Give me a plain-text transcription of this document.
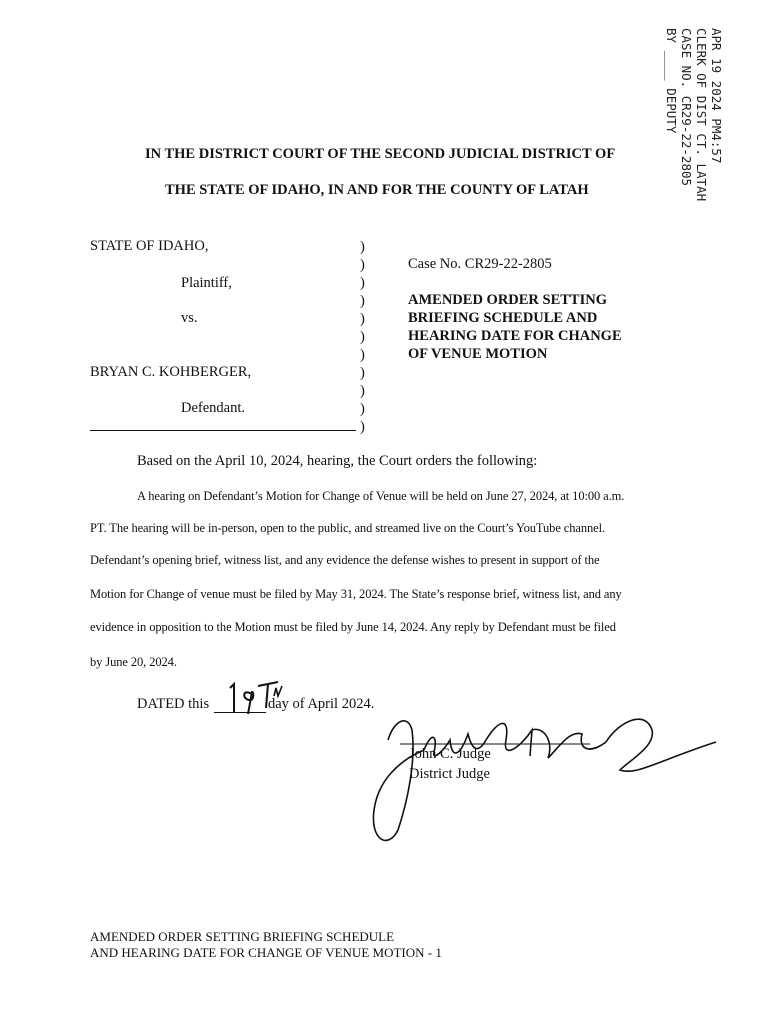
APR 19 2024 PM4:57
CLERK OF DIST CT. LATAH
CASE NO. CR29-22-2805
BY ____ DEPUTY
IN THE DISTRICT COURT OF THE SECOND JUDICIAL DISTRICT OF
THE STATE OF IDAHO, IN AND FOR THE COUNTY OF LATAH
STATE OF IDAHO,
Plaintiff,
vs.
BRYAN C. KOHBERGER,
Defendant.
)
)
)
)
)
)
)
)
)
)
)
Case No. CR29-22-2805
AMENDED ORDER SETTING
BRIEFING SCHEDULE AND
HEARING DATE FOR CHANGE
OF VENUE MOTION
Based on the April 10, 2024, hearing, the Court orders the following:
A hearing on Defendant’s Motion for Change of Venue will be held on June 27, 2024, at 10:00 a.m.
PT. The hearing will be in-person, open to the public, and streamed live on the Court’s YouTube channel.
Defendant’s opening brief, witness list, and any evidence the defense wishes to present in support of the
Motion for Change of venue must be filed by May 31, 2024. The State’s response brief, witness list, and any
evidence in opposition to the Motion must be filed by June 14, 2024. Any reply by Defendant must be filed
by June 20, 2024.
DATED this	day of April 2024.
John C. Judge
District Judge
AMENDED ORDER SETTING BRIEFING SCHEDULE
AND HEARING DATE FOR CHANGE OF VENUE MOTION - 1
